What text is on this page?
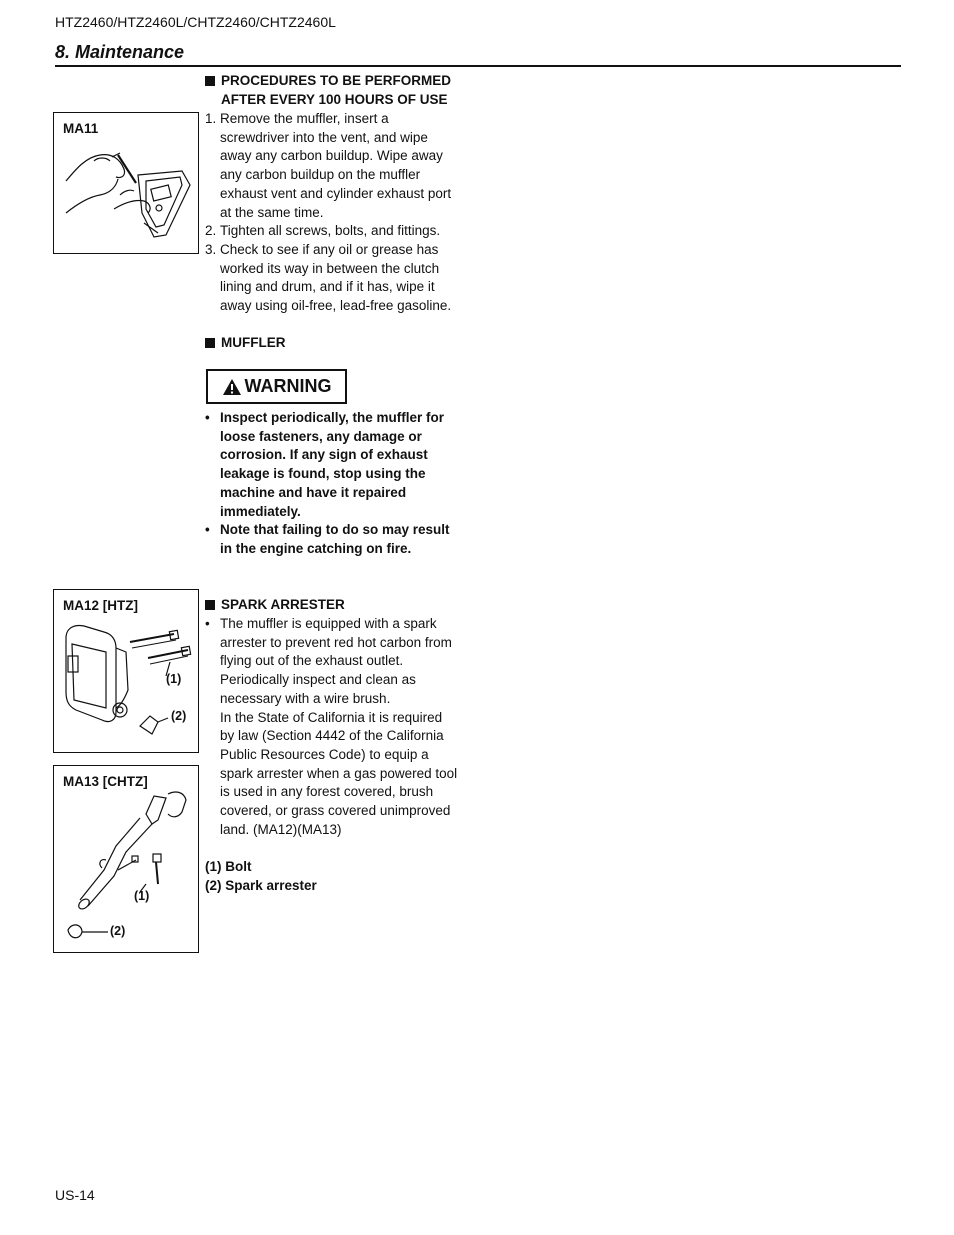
HTZ2460/HTZ2460L/CHTZ2460/CHTZ2460L
8. Maintenance
MA11
PROCEDURES TO BE PERFORMED
AFTER EVERY 100 HOURS OF USE
1. Remove the muffler, insert a
screwdriver into the vent, and wipe
away any carbon buildup. Wipe away
any carbon buildup on the muffler
exhaust vent and cylinder exhaust port
at the same time.
2. Tighten all screws, bolts, and fittings.
3. Check to see if any oil or grease has
worked its way in between the clutch
lining and drum, and if it has, wipe it
away using oil-free, lead-free gasoline.
MUFFLER
WARNING
• Inspect periodically, the muffler for
loose fasteners, any damage or
corrosion. If any sign of exhaust
leakage is found, stop using the
machine and have it repaired
immediately.
• Note that failing to do so may result
in the engine catching on fire.
MA12 [HTZ]
(1)
(2)
MA13 [CHTZ]
(1)
(2)
SPARK ARRESTER
• The muffler is equipped with a spark
arrester to prevent red hot carbon from
flying out of the exhaust outlet.
Periodically inspect and clean as
necessary with a wire brush.
In the State of California it is required
by law (Section 4442 of the California
Public Resources Code) to equip a
spark arrester when a gas powered tool
is used in any forest covered, brush
covered, or grass covered unimproved
land. (MA12)(MA13)
(1) Bolt
(2) Spark arrester
US-14
